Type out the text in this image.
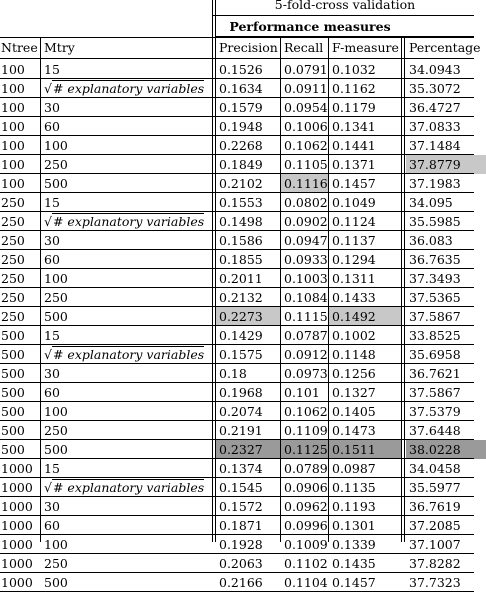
5-fold-cross validation
Performance measures
Ntree Mtry	Precision Recall F-measure Percentage
100	15	0.1526	0.0791 0.1032	34.0943
100	√# explanatory variables	0.1634	0.0911 0.1162	35.3072
100	30	0.1579	0.0954 0.1179	36.4727
100	60	0.1948	0.1006 0.1341	37.0833
100	100	0.2268	0.1062 0.1441	37.1484
100	250	0.1849	0.1105 0.1371	37.8779
100	500	0.2102	0.1116 0.1457	37.1983
250	15	0.1553	0.0802 0.1049	34.095
250	√# explanatory variables	0.1498	0.0902 0.1124	35.5985
250	30	0.1586	0.0947 0.1137	36.083
250	60	0.1855	0.0933 0.1294	36.7635
250	100	0.2011	0.1003 0.1311	37.3493
250	250	0.2132	0.1084 0.1433	37.5365
250	500	0.2273	0.1115 0.1492	37.5867
500	15	0.1429	0.0787 0.1002	33.8525
500	√# explanatory variables	0.1575	0.0912 0.1148	35.6958
500	30	0.18	0.0973 0.1256	36.7621
500	60	0.1968	0.101 0.1327	37.5867
500	100	0.2074	0.1062 0.1405	37.5379
500	250	0.2191	0.1109 0.1473	37.6448
500	500	0.2327	0.1125 0.1511	38.0228
1000 15	0.1374	0.0789 0.0987	34.0458
1000 √# explanatory variables	0.1545	0.0906 0.1135	35.5977
1000 30	0.1572	0.0962 0.1193	36.7619
1000 60	0.1871	0.0996 0.1301	37.2085
1000 100	0.1928	0.1009 0.1339	37.1007
1000 250	0.2063	0.1102 0.1435	37.8282
1000 500	0.2166	0.1104 0.1457	37.7323
